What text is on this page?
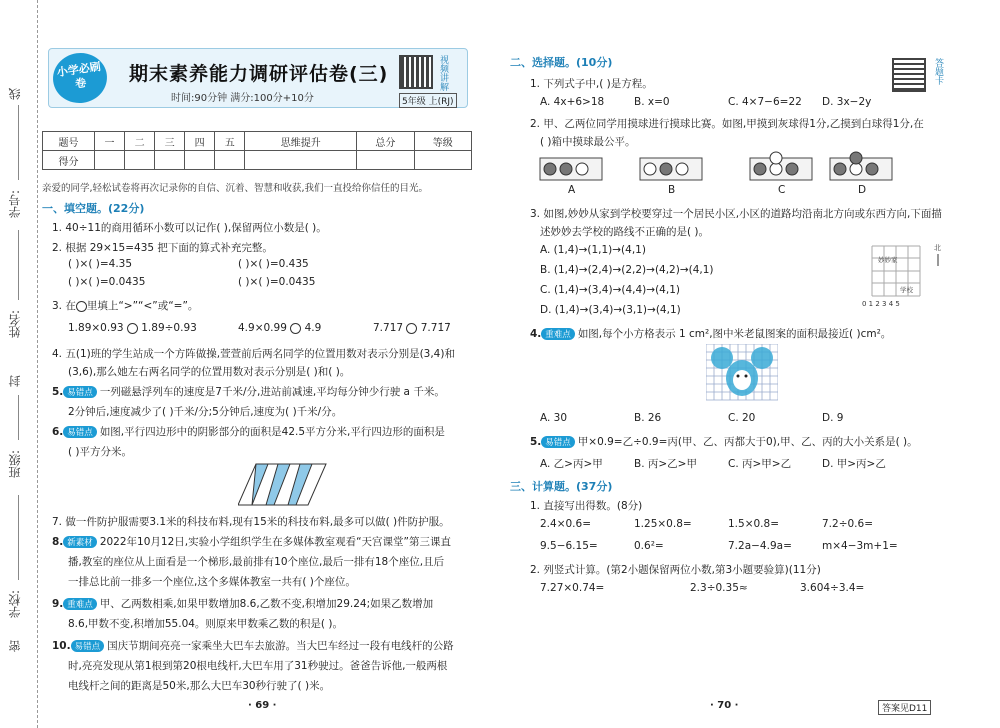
线
学号:
姓名:
封
班级:
学校:
密
小学必刷卷	期末素养能力调研评估卷(三)
时间:90分钟 满分:100分+10分
视频讲解
5年级 上(RJ)
题号	一	二	三	四	五	思维提升	总分	等级
得分								
亲爱的同学,轻松试卷将再次记录你的自信、沉着、智慧和收获,我们一直投给你信任的目光。
一、填空题。(22分)
1. 40÷11的商用循环小数可以记作( ),保留两位小数是( )。
2. 根据 29×15=435 把下面的算式补充完整。
( )×( )=4.35	( )×( )=0.435
( )×( )=0.0435	( )×( )=0.0435
3. 在 里填上“>”“<”或“=”。
1.89×0.93 1.89÷0.93	4.9×0.99 4.9	7.717 7.71̇7̇
4. 五(1)班的学生站成一个方阵做操,萱萱前后两名同学的位置用数对表示分别是(3,4)和
(3,6),那么她左右两名同学的位置用数对表示分别是( )和( )。
5. 易错点 一列磁悬浮列车的速度是7千米/分,进站前减速,平均每分钟少行驶 a 千米。
2分钟后,速度减少了( )千米/分;5分钟后,速度为( )千米/分。
6. 易错点 如图,平行四边形中的阴影部分的面积是42.5平方分米,平行四边形的面积是
( )平方分米。
7. 做一件防护服需要3.1米的科技布料,现有15米的科技布料,最多可以做( )件防护服。
8. 新素材 2022年10月12日,实验小学组织学生在多媒体教室观看“天宫课堂”第三课直
播,教室的座位从上面看是一个梯形,最前排有10个座位,最后一排有18个座位,且后
一排总比前一排多一个座位,这个多媒体教室一共有( )个座位。
9. 重难点 甲、乙两数相乘,如果甲数增加8.6,乙数不变,积增加29.24;如果乙数增加
8.6,甲数不变,积增加55.04。则原来甲数乘乙数的积是( )。
10. 易错点 国庆节期间亮亮一家乘坐大巴车去旅游。当大巴车经过一段有电线杆的公路
时,亮亮发现从第1根到第20根电线杆,大巴车用了31秒驶过。爸爸告诉他,一般两根
电线杆之间的距离是50米,那么大巴车30秒行驶了( )米。
· 69 ·
二、选择题。(10分)	答题卡
1. 下列式子中,( )是方程。
A. 4x+6>18	B. x=0	C. 4×7−6=22 D. 3x−2y
2. 甲、乙两位同学用摸球进行摸球比赛。如图,甲摸到灰球得1分,乙摸到白球得1分,在
( )箱中摸球最公平。
A	B	C	D
3. 如图,妙妙从家到学校要穿过一个居民小区,小区的道路均沿南北方向或东西方向,下面描
述妙妙去学校的路线不正确的是( )。
A. (1,4)→(1,1)→(4,1)
B. (1,4)→(2,4)→(2,2)→(4,2)→(4,1)
C. (1,4)→(3,4)→(4,4)→(4,1)
D. (1,4)→(3,4)→(3,1)→(4,1)	0 1 2 3 4 5
妙妙家
学校
北
4. 重难点 如图,每个小方格表示 1 cm²,图中米老鼠图案的面积最接近( )cm²。
A. 30	B. 26	C. 20	D. 9
5. 易错点 甲×0.9=乙÷0.9=丙(甲、乙、丙都大于0),甲、乙、丙的大小关系是( )。
A. 乙>丙>甲	B. 丙>乙>甲	C. 丙>甲>乙	D. 甲>丙>乙
三、计算题。(37分)
1. 直接写出得数。(8分)
2.4×0.6=	1.25×0.8=	1.5×0.8=	7.2÷0.6=
9.5−6.15=	0.6²=	7.2a−4.9a=	m×4−3m+1=
2. 列竖式计算。(第2小题保留两位小数,第3小题要验算)(11分)
7.27×0.74=	2.3÷0.35≈	3.604÷3.4=
· 70 ·	答案见D11
